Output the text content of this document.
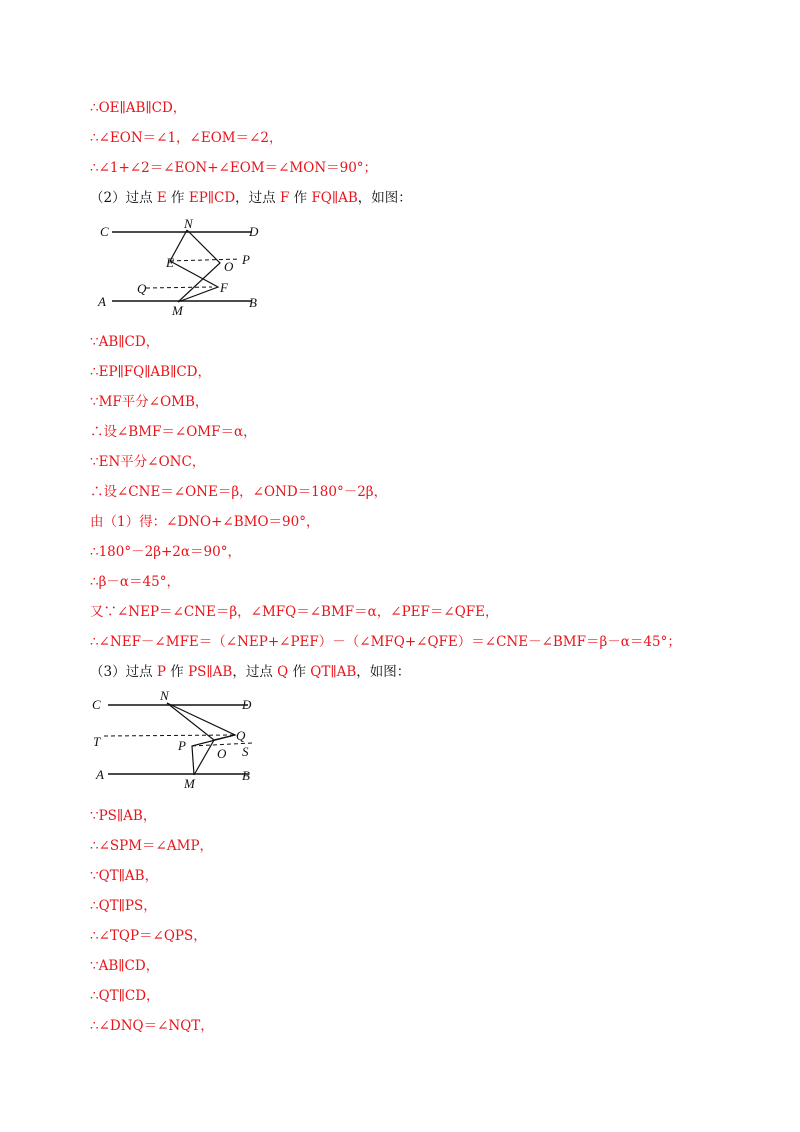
∴OE∥AB∥CD，
∴∠EON＝∠1，∠EOM＝∠2，
∴∠1+∠2＝∠EON+∠EOM＝∠MON＝90°；
（2）过点 E 作 EP∥CD，过点 F 作 FQ∥AB，如图：
C	D
N
E	O P
Q	F
A	B
M
∵AB∥CD，
∴EP∥FQ∥AB∥CD，
∵MF平分∠OMB，
∴设∠BMF＝∠OMF＝α，
∵EN平分∠ONC，
∴设∠CNE＝∠ONE＝β，∠OND＝180°－2β，
由（1）得：∠DNO+∠BMO＝90°，
∴180°－2β+2α＝90°，
∴β－α＝45°，
又∵∠NEP＝∠CNE＝β，∠MFQ＝∠BMF＝α，∠PEF＝∠QFE，
∴∠NEF－∠MFE＝（∠NEP+∠PEF）－（∠MFQ+∠QFE）＝∠CNE－∠BMF＝β－α＝45°；
（3）过点 P 作 PS∥AB，过点 Q 作 QT∥AB，如图：
C	D
N
T	Q
P	S
O
A	B
M
∵PS∥AB，
∴∠SPM＝∠AMP，
∵QT∥AB，
∴QT∥PS，
∴∠TQP＝∠QPS，
∵AB∥CD，
∴QT∥CD，
∴∠DNQ＝∠NQT，
